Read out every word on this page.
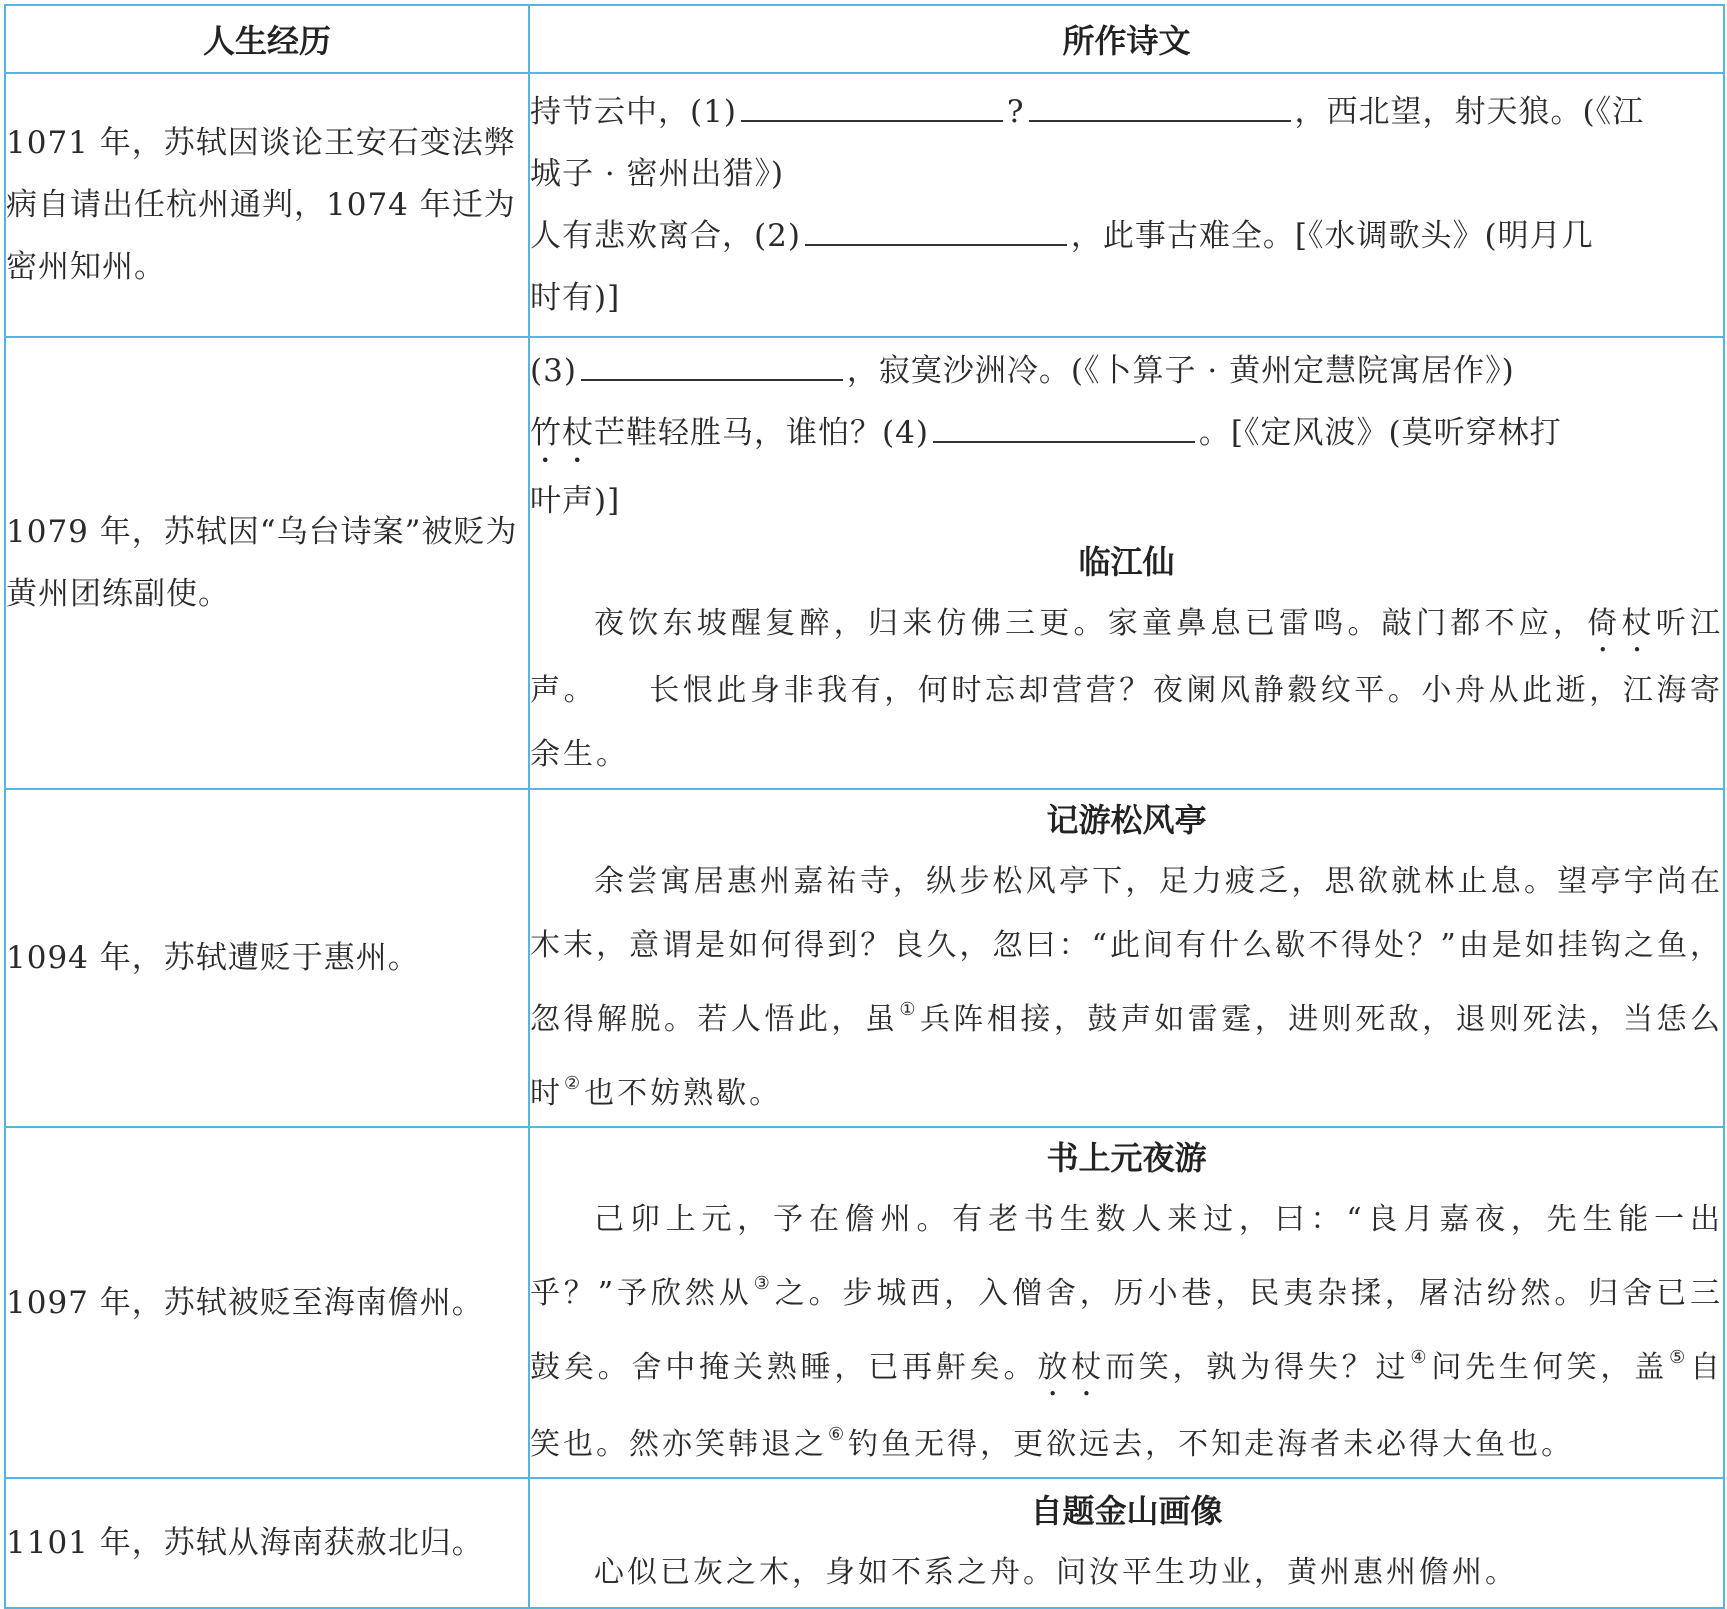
人生经历	所作诗文
1071 年，苏轼因谈论王安石变法弊病自请出任杭州通判，1074 年迁为密州知州。	持节云中，(1) ? ，西北望，射天狼。(《江
城子 · 密州出猎》)
人有悲欢离合，(2) ，此事古难全。[《水调歌头》(明月几
时有)]

1079 年，苏轼因“乌台诗案”被贬为黄州团练副使。	(3) ，寂寞沙洲冷。(《卜算子 · 黄州定慧院寓居作》)
竹杖芒鞋轻胜马，谁怕？(4) 。[《定风波》(莫听穿林打
叶声)]
临江仙
夜饮东坡醒复醉，归来仿佛三更。家童鼻息已雷鸣。敲门都不应，倚杖听江声。　　长恨此身非我有，何时忘却营营？夜阑风静縠纹平。小舟从此逝，江海寄余生。

1094 年，苏轼遭贬于惠州。	记游松风亭
余尝寓居惠州嘉祐寺，纵步松风亭下，足力疲乏，思欲就林止息。望亭宇尚在木末，意谓是如何得到？良久，忽曰：“此间有什么歇不得处？”由是如挂钩之鱼，忽得解脱。若人悟此，虽①兵阵相接，鼓声如雷霆，进则死敌，退则死法，当恁么时②也不妨熟歇。

1097 年，苏轼被贬至海南儋州。	书上元夜游
己卯上元，予在儋州。有老书生数人来过，曰：“良月嘉夜，先生能一出乎？”予欣然从③之。步城西，入僧舍，历小巷，民夷杂揉，屠沽纷然。归舍已三鼓矣。舍中掩关熟睡，已再鼾矣。放杖而笑，孰为得失？过④问先生何笑，盖⑤自笑也。然亦笑韩退之⑥钓鱼无得，更欲远去，不知走海者未必得大鱼也。

1101 年，苏轼从海南获赦北归。	自题金山画像
心似已灰之木，身如不系之舟。问汝平生功业，黄州惠州儋州。
